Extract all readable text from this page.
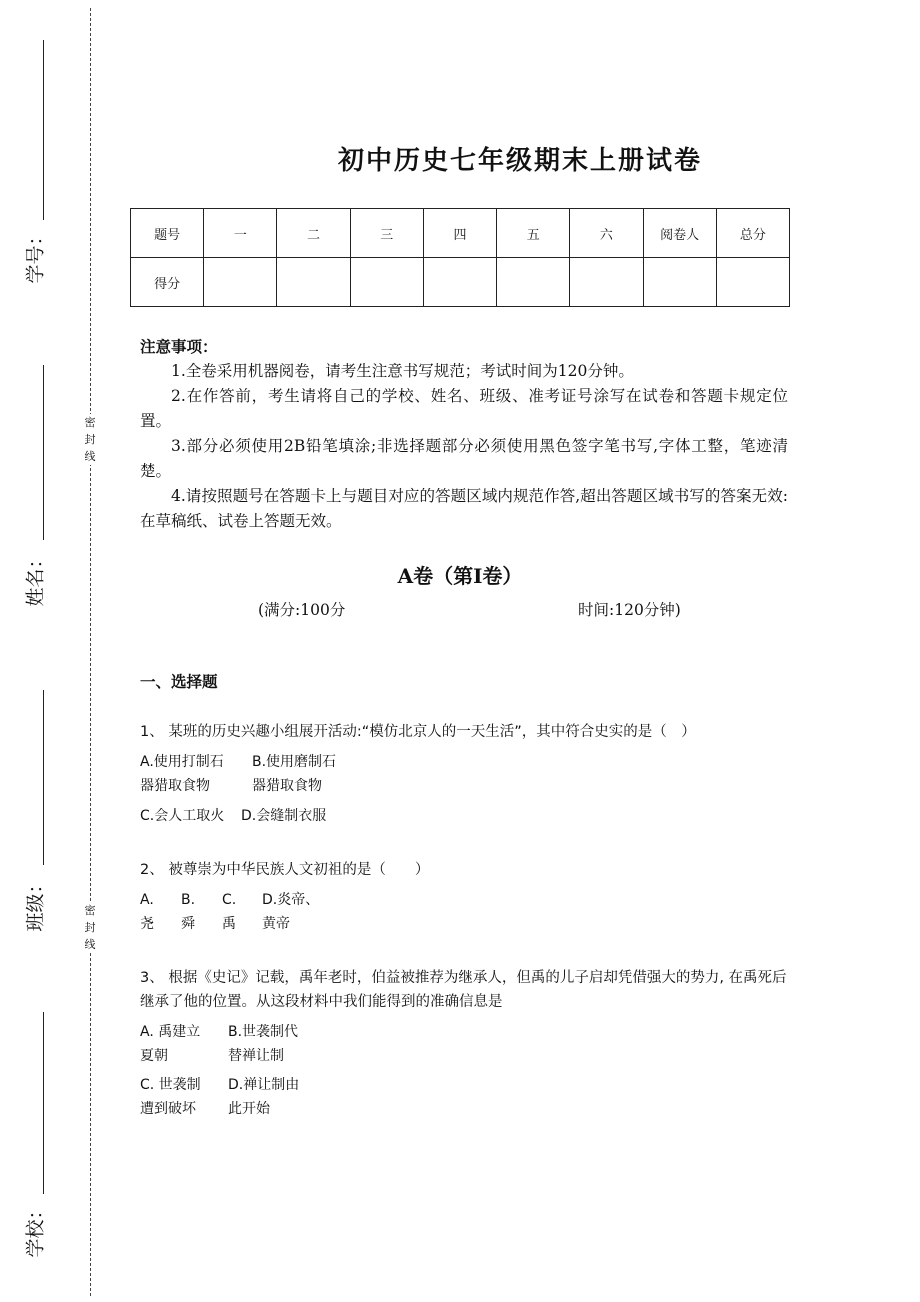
学号：
姓名：
班级：
学校：
密
封
线
密
封
线
初中历史七年级期末上册试卷
题号	一	二	三	四	五	六	阅卷人	总分
得分								
注意事项：
1.全卷采用机器阅卷，请考生注意书写规范；考试时间为120分钟。
2.在作答前，考生请将自己的学校、姓名、班级、准考证号涂写在试卷和答题卡规定位置。
3.部分必须使用2B铅笔填涂;非选择题部分必须使用黑色签字笔书写,字体工整，笔迹清楚。
4.请按照题号在答题卡上与题目对应的答题区域内规范作答,超出答题区域书写的答案无效:在草稿纸、试卷上答题无效。
A卷（第I卷）
(满分:100分	时间:120分钟)
一、选择题
1、 某班的历史兴趣小组展开活动:“模仿北京人的一天生活”，其中符合史实的是（　）
A.使用打制石
器猎取食物
B.使用磨制石
器猎取食物
C.会人工取火 D.会缝制衣服
2、 被尊崇为中华民族人文初祖的是（　　）
A.
尧
B.
舜
C.
禹
D.炎帝、
黄帝
3、 根据《史记》记载，禹年老时，伯益被推荐为继承人，但禹的儿子启却凭借强大的势力, 在禹死后继承了他的位置。从这段材料中我们能得到的准确信息是
A. 禹建立
夏朝
B.世袭制代
替禅让制
C. 世袭制
遭到破坏
D.禅让制由
此开始
